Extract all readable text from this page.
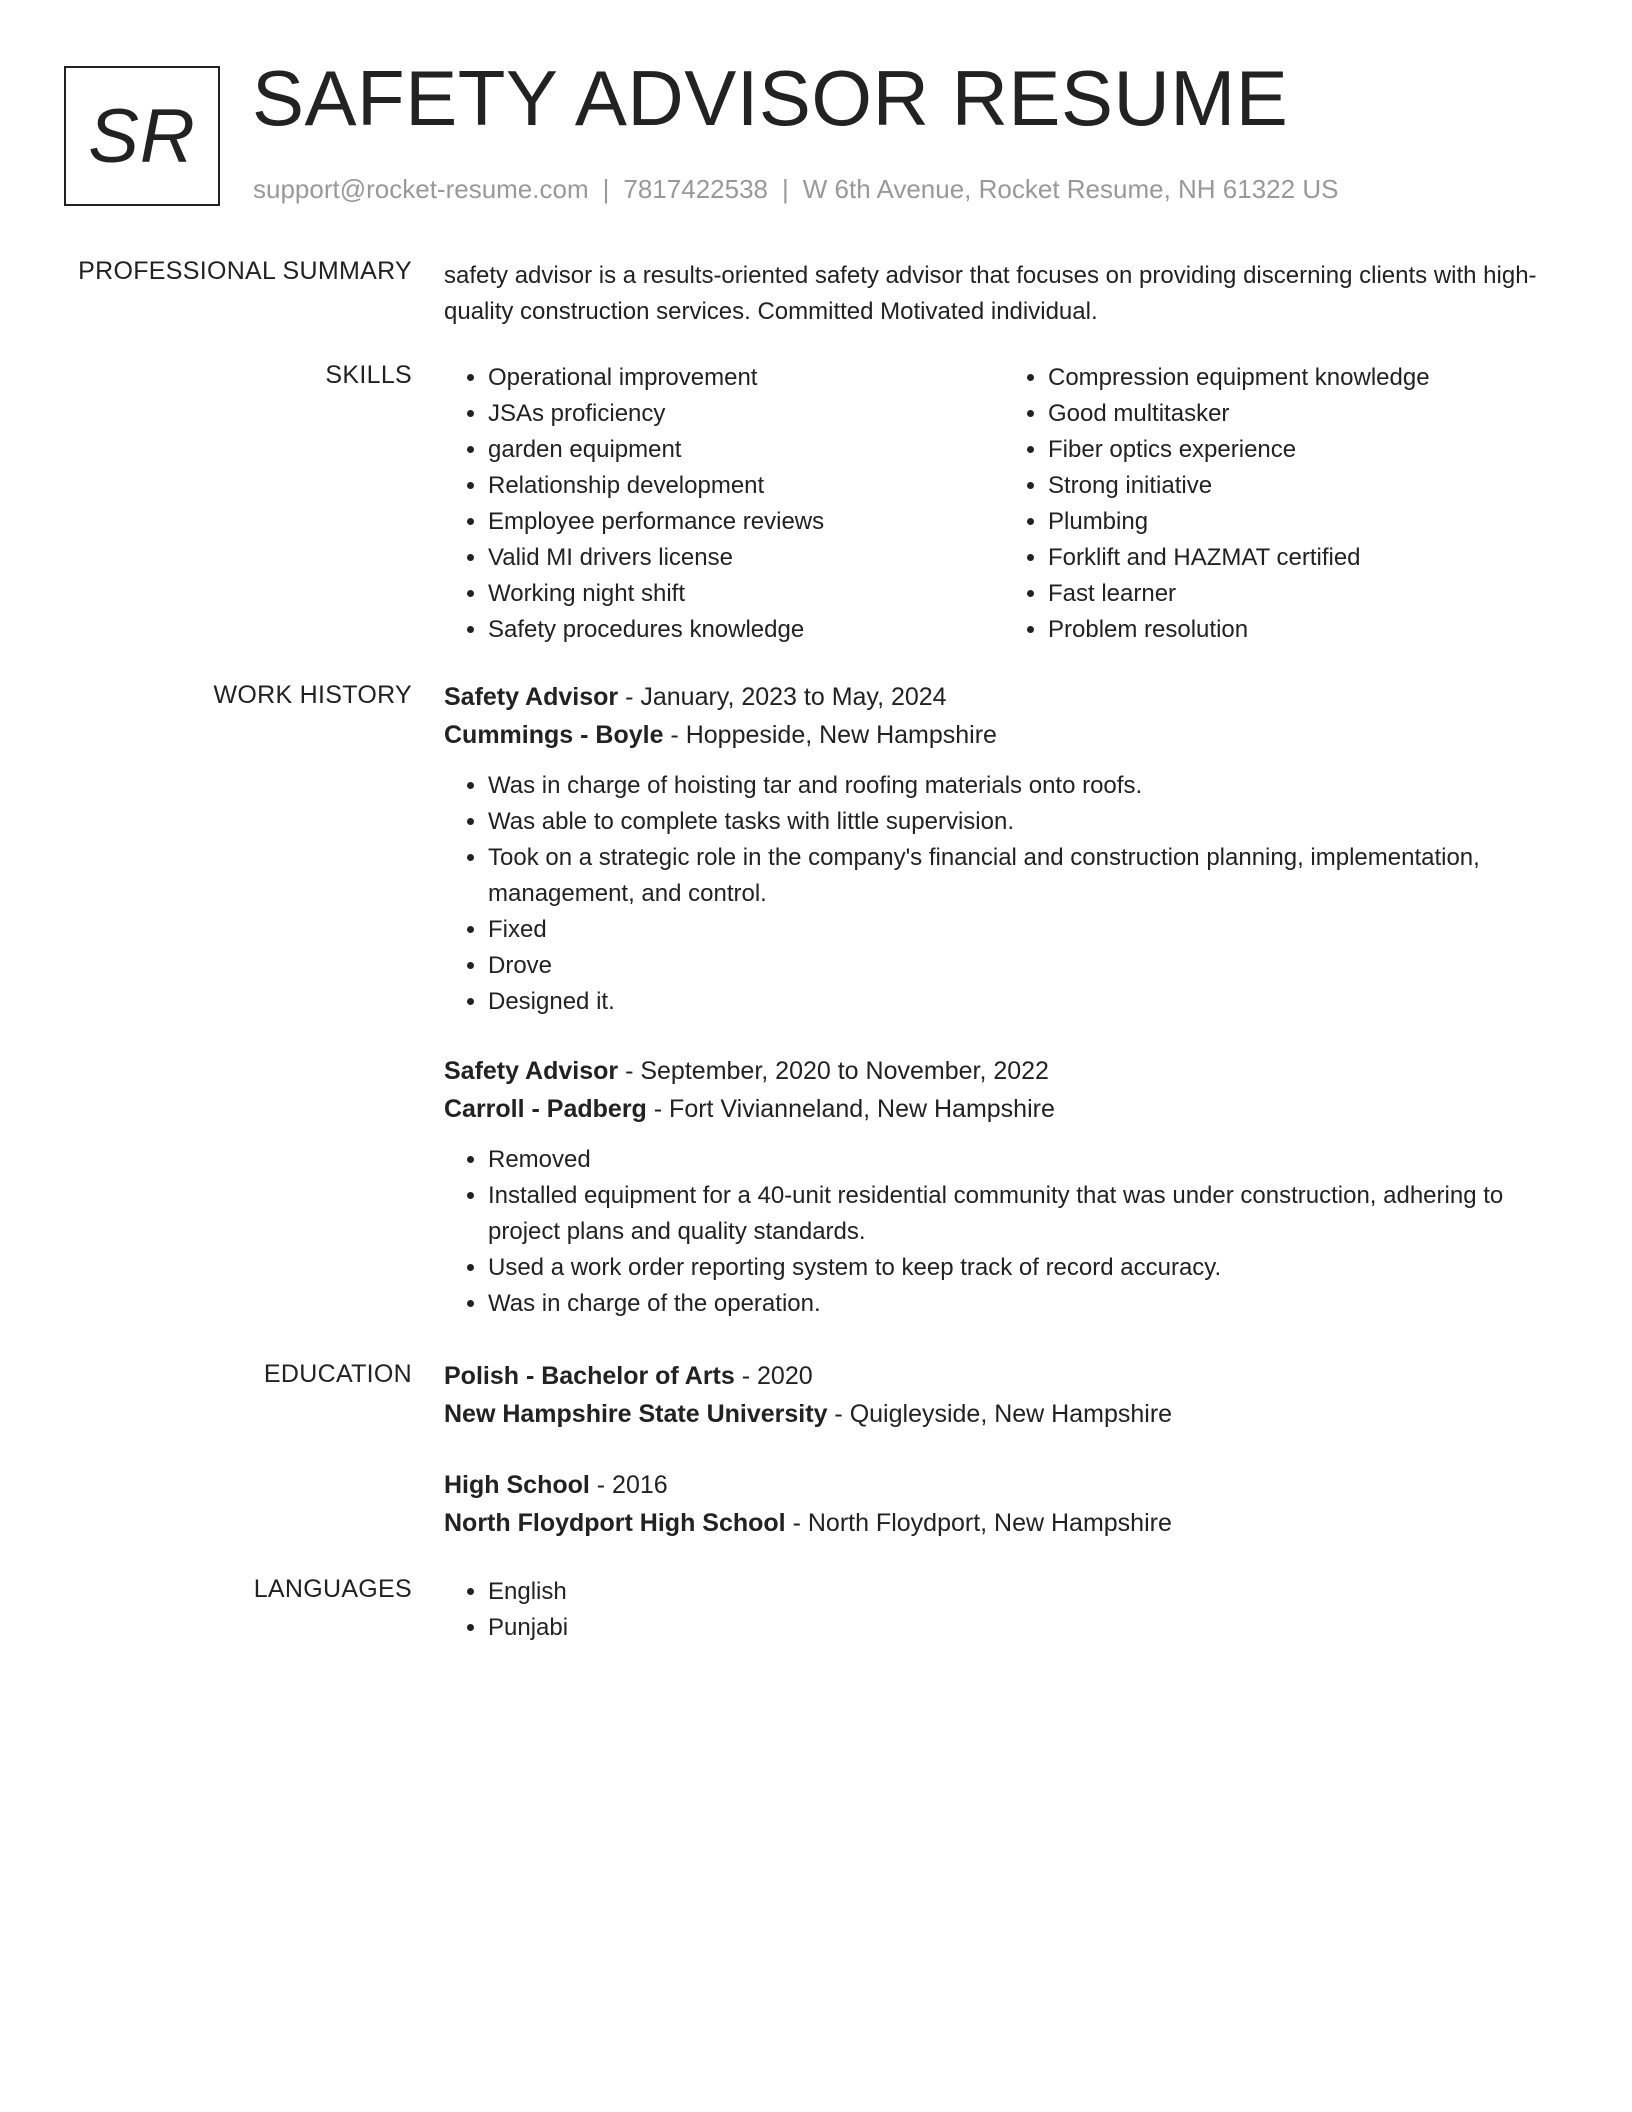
SR SAFETY ADVISOR RESUME
support@rocket-resume.com | 7817422538 | W 6th Avenue, Rocket Resume, NH 61322 US
PROFESSIONAL SUMMARY safety advisor is a results-oriented safety advisor that focuses on providing discerning clients with high-quality construction services. Committed Motivated individual.
SKILLS	• Operational improvement
• JSAs proficiency
• garden equipment
• Relationship development
• Employee performance reviews
• Valid MI drivers license
• Working night shift
• Safety procedures knowledge
• Compression equipment knowledge
• Good multitasker
• Fiber optics experience
• Strong initiative
• Plumbing
• Forklift and HAZMAT certified
• Fast learner
• Problem resolution
WORK HISTORY Safety Advisor - January, 2023 to May, 2024
Cummings - Boyle - Hoppeside, New Hampshire
• Was in charge of hoisting tar and roofing materials onto roofs.
• Was able to complete tasks with little supervision.
• Took on a strategic role in the company's financial and construction planning, implementation, management, and control.
• Fixed
• Drove
• Designed it.
Safety Advisor - September, 2020 to November, 2022
Carroll - Padberg - Fort Vivianneland, New Hampshire
• Removed
• Installed equipment for a 40-unit residential community that was under construction, adhering to project plans and quality standards.
• Used a work order reporting system to keep track of record accuracy.
• Was in charge of the operation.
EDUCATION Polish - Bachelor of Arts - 2020
New Hampshire State University - Quigleyside, New Hampshire
High School - 2016
North Floydport High School - North Floydport, New Hampshire
LANGUAGES	• English
• Punjabi
